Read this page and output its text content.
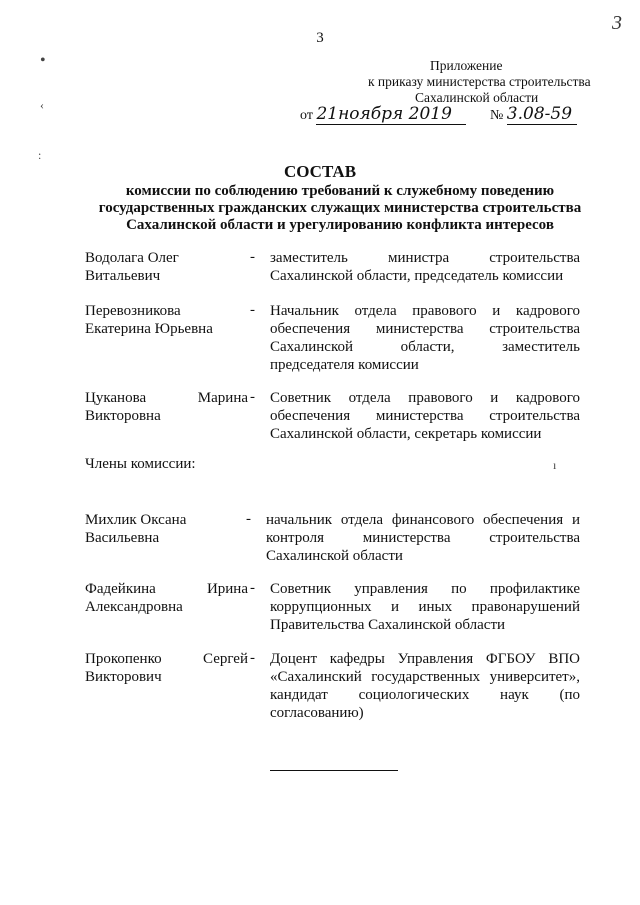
3
3
•
‹
:
Приложение
к приказу министерства строительства
Сахалинской области
от 21ноября 2019	№ 3.08-59
СОСТАВ
комиссии по соблюдению требований к служебному поведению государственных гражданских служащих министерства строительства Сахалинской области и урегулированию конфликта интересов
Водолага Олег Витальевич
- заместитель министра строительства Сахалинской области, председатель комиссии
Перевозникова Екатерина Юрьевна
- Начальник отдела правового и кадрового обеспечения министерства строительства Сахалинской области, заместитель председателя комиссии
Цуканова Марина Викторовна
- Советник отдела правового и кадрового обеспечения министерства строительства Сахалинской области, секретарь комиссии
Члены комиссии:	ı
Михлик Оксана Васильевна
- начальник отдела финансового обеспечения и контроля министерства строительства Сахалинской области
Фадейкина Ирина Александровна
- Советник управления по профилактике коррупционных и иных правонарушений Правительства Сахалинской области
Прокопенко Сергей Викторович
- Доцент кафедры Управления ФГБОУ ВПО «Сахалинский государственных университет», кандидат социологических наук (по согласованию)
